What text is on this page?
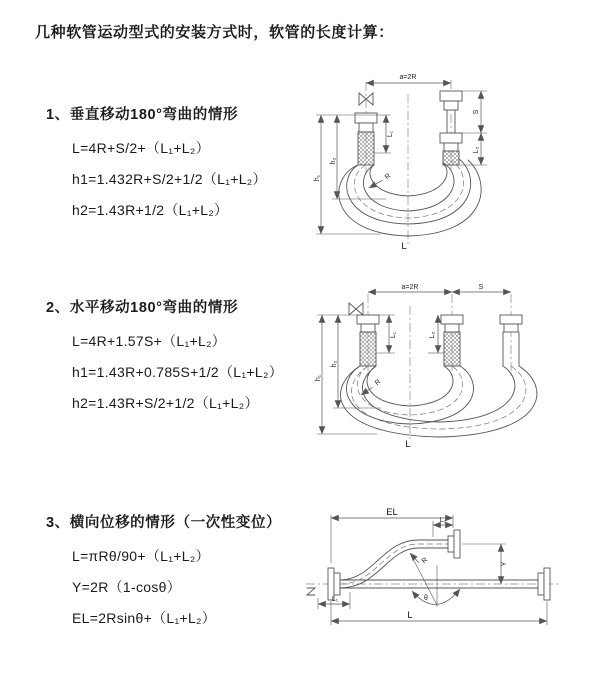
几种软管运动型式的安装方式时，软管的长度计算：
1、垂直移动180°弯曲的情形
L=4R+S/2+（L₁+L₂）
h1=1.432R+S/2+1/2（L₁+L₂）
h2=1.43R+1/2（L₁+L₂）
2、水平移动180°弯曲的情形
L=4R+1.57S+（L₁+L₂）
h1=1.43R+0.785S+1/2（L₁+L₂）
h2=1.43R+S/2+1/2（L₁+L₂）
3、横向位移的情形（一次性变位）
L=πRθ/90+（L₁+L₂）
Y=2R（1-cosθ）
EL=2Rsinθ+（L₁+L₂）
a=2R
h₁
h₂
L₁
S
L₂
R
L
a=2R	S
h₁
h₂
L₁	L₂
R
L
EL
L₂
Y
L
L₁
R
θ
